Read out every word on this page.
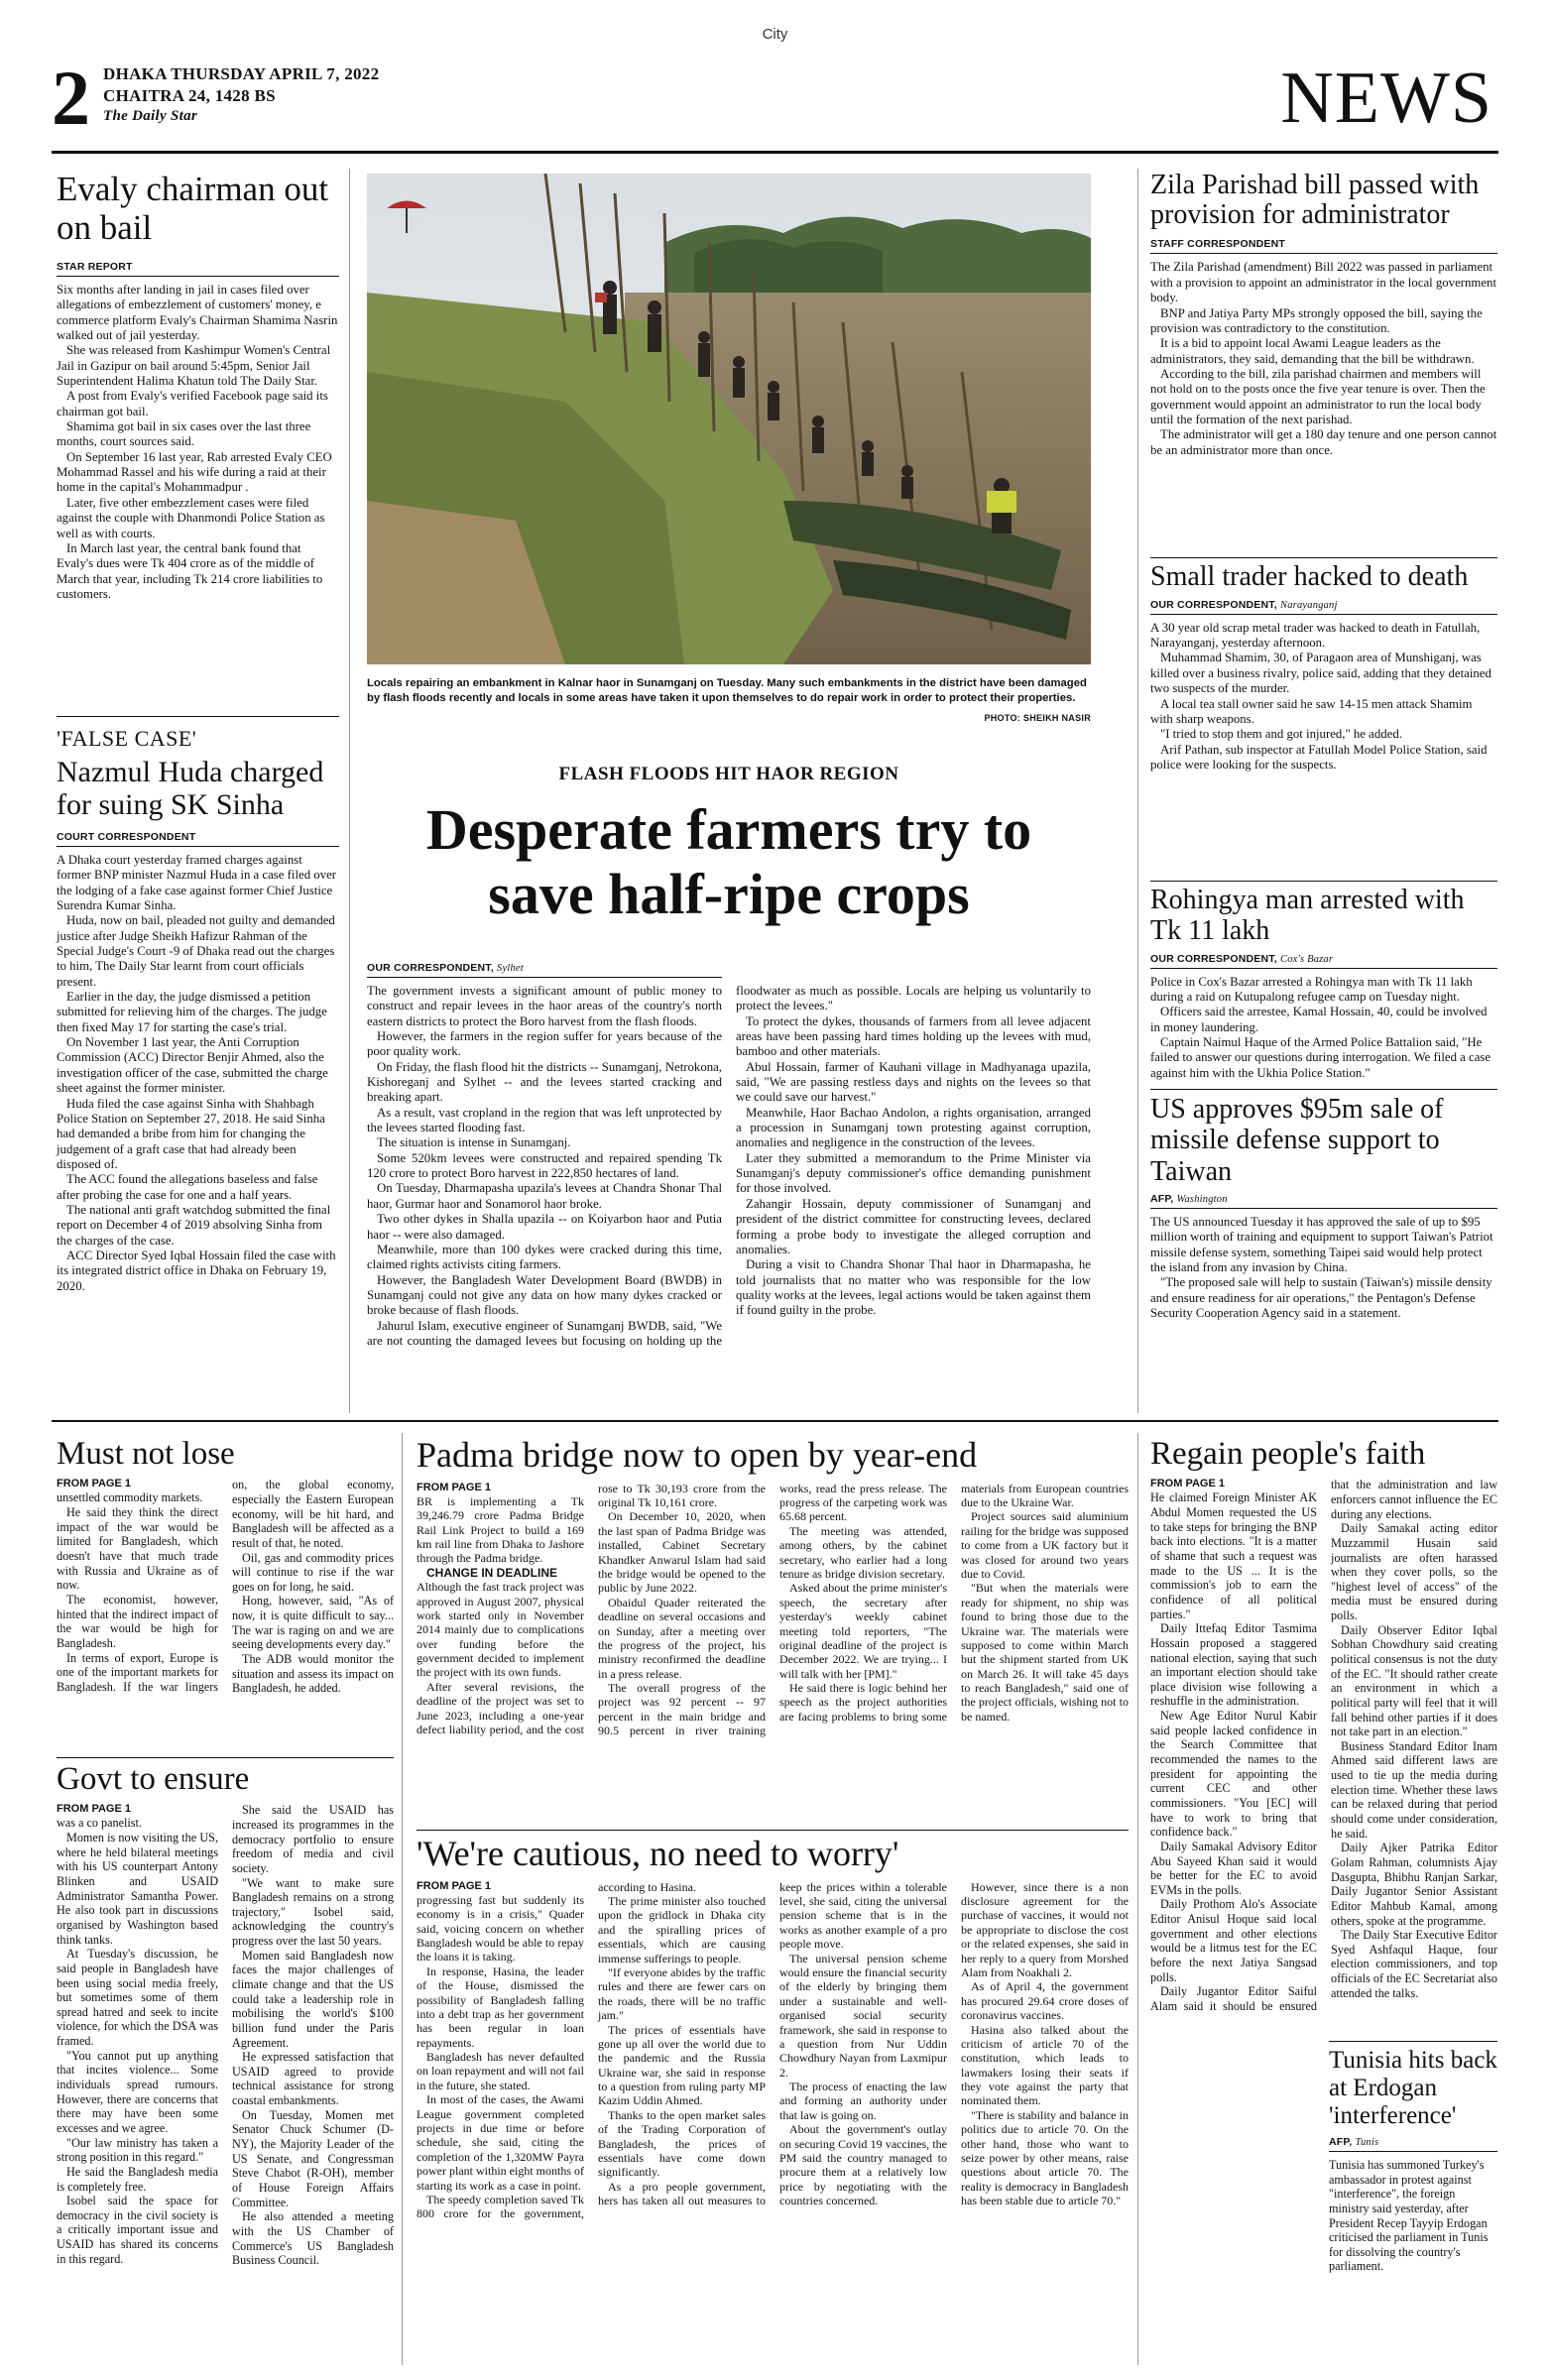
City
2 DHAKA THURSDAY APRIL 7, 2022
CHAITRA 24, 1428 BS
The Daily Star	NEWS
Evaly chairman out on bail
STAR REPORT

Six months after landing in jail in cases filed over allegations of embezzlement of customers' money, e commerce platform Evaly's Chairman Shamima Nasrin walked out of jail yesterday.

She was released from Kashimpur Women's Central Jail in Gazipur on bail around 5:45pm, Senior Jail Superintendent Halima Khatun told The Daily Star.

A post from Evaly's verified Facebook page said its chairman got bail.

Shamima got bail in six cases over the last three months, court sources said.

On September 16 last year, Rab arrested Evaly CEO Mohammad Rassel and his wife during a raid at their home in the capital's Mohammadpur .

Later, five other embezzlement cases were filed against the couple with Dhanmondi Police Station as well as with courts.

In March last year, the central bank found that Evaly's dues were Tk 404 crore as of the middle of March that year, including Tk 214 crore liabilities to customers.

'FALSE CASE'
Nazmul Huda charged for suing SK Sinha
COURT CORRESPONDENT

A Dhaka court yesterday framed charges against former BNP minister Nazmul Huda in a case filed over the lodging of a fake case against former Chief Justice Surendra Kumar Sinha.

Huda, now on bail, pleaded not guilty and demanded justice after Judge Sheikh Hafizur Rahman of the Special Judge's Court -9 of Dhaka read out the charges to him, The Daily Star learnt from court officials present.

Earlier in the day, the judge dismissed a petition submitted for relieving him of the charges. The judge then fixed May 17 for starting the case's trial.

On November 1 last year, the Anti Corruption Commission (ACC) Director Benjir Ahmed, also the investigation officer of the case, submitted the charge sheet against the former minister.

Huda filed the case against Sinha with Shahbagh Police Station on September 27, 2018. He said Sinha had demanded a bribe from him for changing the judgement of a graft case that had already been disposed of.

The ACC found the allegations baseless and false after probing the case for one and a half years.

The national anti graft watchdog submitted the final report on December 4 of 2019 absolving Sinha from the charges of the case.

ACC Director Syed Iqbal Hossain filed the case with its integrated district office in Dhaka on February 19, 2020.

Locals repairing an embankment in Kalnar haor in Sunamganj on Tuesday. Many such embankments in the district have been damaged by flash floods recently and locals in some areas have taken it upon themselves to do repair work in order to protect their properties.
PHOTO: SHEIKH NASIR
FLASH FLOODS HIT HAOR REGION
Desperate farmers try to save half-ripe crops
OUR CORRESPONDENT, Sylhet

The government invests a significant amount of public money to construct and repair levees in the haor areas of the country's north eastern districts to protect the Boro harvest from the flash floods.

However, the farmers in the region suffer for years because of the poor quality work.

On Friday, the flash flood hit the districts -- Sunamganj, Netrokona, Kishoreganj and Sylhet -- and the levees started cracking and breaking apart.

As a result, vast cropland in the region that was left unprotected by the levees started flooding fast.

The situation is intense in Sunamganj.

Some 520km levees were constructed and repaired spending Tk 120 crore to protect Boro harvest in 222,850 hectares of land.

On Tuesday, Dharmapasha upazila's levees at Chandra Shonar Thal haor, Gurmar haor and Sonamorol haor broke.

Two other dykes in Shalla upazila -- on Koiyarbon haor and Putia haor -- were also damaged.

Meanwhile, more than 100 dykes were cracked during this time, claimed rights activists citing farmers.

However, the Bangladesh Water Development Board (BWDB) in Sunamganj could not give any data on how many dykes cracked or broke because of flash floods.

Jahurul Islam, executive engineer of Sunamganj BWDB, said, "We are not counting the damaged levees but focusing on holding up the floodwater as much as possible. Locals are helping us voluntarily to protect the levees."

To protect the dykes, thousands of farmers from all levee adjacent areas have been passing hard times holding up the levees with mud, bamboo and other materials.

Abul Hossain, farmer of Kauhani village in Madhyanaga upazila, said, "We are passing restless days and nights on the levees so that we could save our harvest."

Meanwhile, Haor Bachao Andolon, a rights organisation, arranged a procession in Sunamganj town protesting against corruption, anomalies and negligence in the construction of the levees.

Later they submitted a memorandum to the Prime Minister via Sunamganj's deputy commissioner's office demanding punishment for those involved.

Zahangir Hossain, deputy commissioner of Sunamganj and president of the district committee for constructing levees, declared forming a probe body to investigate the alleged corruption and anomalies.

During a visit to Chandra Shonar Thal haor in Dharmapasha, he told journalists that no matter who was responsible for the low quality works at the levees, legal actions would be taken against them if found guilty in the probe.

Zila Parishad bill passed with provision for administrator
STAFF CORRESPONDENT

The Zila Parishad (amendment) Bill 2022 was passed in parliament with a provision to appoint an administrator in the local government body.

BNP and Jatiya Party MPs strongly opposed the bill, saying the provision was contradictory to the constitution.

It is a bid to appoint local Awami League leaders as the administrators, they said, demanding that the bill be withdrawn.

According to the bill, zila parishad chairmen and members will not hold on to the posts once the five year tenure is over. Then the government would appoint an administrator to run the local body until the formation of the next parishad.

The administrator will get a 180 day tenure and one person cannot be an administrator more than once.

Small trader hacked to death
OUR CORRESPONDENT, Narayanganj

A 30 year old scrap metal trader was hacked to death in Fatullah, Narayanganj, yesterday afternoon.

Muhammad Shamim, 30, of Paragaon area of Munshiganj, was killed over a business rivalry, police said, adding that they detained two suspects of the murder.

A local tea stall owner said he saw 14-15 men attack Shamim with sharp weapons.

"I tried to stop them and got injured," he added.

Arif Pathan, sub inspector at Fatullah Model Police Station, said police were looking for the suspects.

Rohingya man arrested with Tk 11 lakh
OUR CORRESPONDENT, Cox's Bazar

Police in Cox's Bazar arrested a Rohingya man with Tk 11 lakh during a raid on Kutupalong refugee camp on Tuesday night.

Officers said the arrestee, Kamal Hossain, 40, could be involved in money laundering.

Captain Naimul Haque of the Armed Police Battalion said, "He failed to answer our questions during interrogation. We filed a case against him with the Ukhia Police Station."

US approves $95m sale of missile defense support to Taiwan
AFP, Washington

The US announced Tuesday it has approved the sale of up to $95 million worth of training and equipment to support Taiwan's Patriot missile defense system, something Taipei said would help protect the island from any invasion by China.

"The proposed sale will help to sustain (Taiwan's) missile density and ensure readiness for air operations," the Pentagon's Defense Security Cooperation Agency said in a statement.

Must not lose
FROM PAGE 1

unsettled commodity markets.

He said they think the direct impact of the war would be limited for Bangladesh, which doesn't have that much trade with Russia and Ukraine as of now.

The economist, however, hinted that the indirect impact of the war would be high for Bangladesh.

In terms of export, Europe is one of the important markets for Bangladesh. If the war lingers on, the global economy, especially the Eastern European economy, will be hit hard, and Bangladesh will be affected as a result of that, he noted.

Oil, gas and commodity prices will continue to rise if the war goes on for long, he said.

Hong, however, said, "As of now, it is quite difficult to say... The war is raging on and we are seeing developments every day."

The ADB would monitor the situation and assess its impact on Bangladesh, he added.

Govt to ensure
FROM PAGE 1

was a co panelist.

Momen is now visiting the US, where he held bilateral meetings with his US counterpart Antony Blinken and USAID Administrator Samantha Power. He also took part in discussions organised by Washington based think tanks.

At Tuesday's discussion, he said people in Bangladesh have been using social media freely, but sometimes some of them spread hatred and seek to incite violence, for which the DSA was framed.

"You cannot put up anything that incites violence... Some individuals spread rumours. However, there are concerns that there may have been some excesses and we agree.

"Our law ministry has taken a strong position in this regard."

He said the Bangladesh media is completely free.

Isobel said the space for democracy in the civil society is a critically important issue and USAID has shared its concerns in this regard.

She said the USAID has increased its programmes in the democracy portfolio to ensure freedom of media and civil society.

"We want to make sure Bangladesh remains on a strong trajectory," Isobel said, acknowledging the country's progress over the last 50 years.

Momen said Bangladesh now faces the major challenges of climate change and that the US could take a leadership role in mobilising the world's $100 billion fund under the Paris Agreement.

He expressed satisfaction that USAID agreed to provide technical assistance for strong coastal embankments.

On Tuesday, Momen met Senator Chuck Schumer (D-NY), the Majority Leader of the US Senate, and Congressman Steve Chabot (R-OH), member of House Foreign Affairs Committee.

He also attended a meeting with the US Chamber of Commerce's US Bangladesh Business Council.

Padma bridge now to open by year-end
FROM PAGE 1

BR is implementing a Tk 39,246.79 crore Padma Bridge Rail Link Project to build a 169 km rail line from Dhaka to Jashore through the Padma bridge.

CHANGE IN DEADLINE

Although the fast track project was approved in August 2007, physical work started only in November 2014 mainly due to complications over funding before the government decided to implement the project with its own funds.

After several revisions, the deadline of the project was set to June 2023, including a one-year defect liability period, and the cost rose to Tk 30,193 crore from the original Tk 10,161 crore.

On December 10, 2020, when the last span of Padma Bridge was installed, Cabinet Secretary Khandker Anwarul Islam had said the bridge would be opened to the public by June 2022.

Obaidul Quader reiterated the deadline on several occasions and on Sunday, after a meeting over the progress of the project, his ministry reconfirmed the deadline in a press release.

The overall progress of the project was 92 percent -- 97 percent in the main bridge and 90.5 percent in river training works, read the press release. The progress of the carpeting work was 65.68 percent.

The meeting was attended, among others, by the cabinet secretary, who earlier had a long tenure as bridge division secretary.

Asked about the prime minister's speech, the secretary after yesterday's weekly cabinet meeting told reporters, "The original deadline of the project is December 2022. We are trying... I will talk with her [PM]."

He said there is logic behind her speech as the project authorities are facing problems to bring some materials from European countries due to the Ukraine War.

Project sources said aluminium railing for the bridge was supposed to come from a UK factory but it was closed for around two years due to Covid.

"But when the materials were ready for shipment, no ship was found to bring those due to the Ukraine war. The materials were supposed to come within March but the shipment started from UK on March 26. It will take 45 days to reach Bangladesh," said one of the project officials, wishing not to be named.

'We're cautious, no need to worry'
FROM PAGE 1

progressing fast but suddenly its economy is in a crisis," Quader said, voicing concern on whether Bangladesh would be able to repay the loans it is taking.

In response, Hasina, the leader of the House, dismissed the possibility of Bangladesh falling into a debt trap as her government has been regular in loan repayments.

Bangladesh has never defaulted on loan repayment and will not fail in the future, she stated.

In most of the cases, the Awami League government completed projects in due time or before schedule, she said, citing the completion of the 1,320MW Payra power plant within eight months of starting its work as a case in point.

The speedy completion saved Tk 800 crore for the government, according to Hasina.

The prime minister also touched upon the gridlock in Dhaka city and the spiralling prices of essentials, which are causing immense sufferings to people.

"If everyone abides by the traffic rules and there are fewer cars on the roads, there will be no traffic jam."

The prices of essentials have gone up all over the world due to the pandemic and the Russia Ukraine war, she said in response to a question from ruling party MP Kazim Uddin Ahmed.

Thanks to the open market sales of the Trading Corporation of Bangladesh, the prices of essentials have come down significantly.

As a pro people government, hers has taken all out measures to keep the prices within a tolerable level, she said, citing the universal pension scheme that is in the works as another example of a pro people move.

The universal pension scheme would ensure the financial security of the elderly by bringing them under a sustainable and well-organised social security framework, she said in response to a question from Nur Uddin Chowdhury Nayan from Laxmipur 2.

The process of enacting the law and forming an authority under that law is going on.

About the government's outlay on securing Covid 19 vaccines, the PM said the country managed to procure them at a relatively low price by negotiating with the countries concerned.

However, since there is a non disclosure agreement for the purchase of vaccines, it would not be appropriate to disclose the cost or the related expenses, she said in her reply to a query from Morshed Alam from Noakhali 2.

As of April 4, the government has procured 29.64 crore doses of coronavirus vaccines.

Hasina also talked about the criticism of article 70 of the constitution, which leads to lawmakers losing their seats if they vote against the party that nominated them.

"There is stability and balance in politics due to article 70. On the other hand, those who want to seize power by other means, raise questions about article 70. The reality is democracy in Bangladesh has been stable due to article 70."

Regain people's faith
FROM PAGE 1

He claimed Foreign Minister AK Abdul Momen requested the US to take steps for bringing the BNP back into elections. "It is a matter of shame that such a request was made to the US ... It is the commission's job to earn the confidence of all political parties."

Daily Ittefaq Editor Tasmima Hossain proposed a staggered national election, saying that such an important election should take place division wise following a reshuffle in the administration.

New Age Editor Nurul Kabir said people lacked confidence in the Search Committee that recommended the names to the president for appointing the current CEC and other commissioners. "You [EC] will have to work to bring that confidence back."

Daily Samakal Advisory Editor Abu Sayeed Khan said it would be better for the EC to avoid EVMs in the polls.

Daily Prothom Alo's Associate Editor Anisul Hoque said local government and other elections would be a litmus test for the EC before the next Jatiya Sangsad polls.

Daily Jugantor Editor Saiful Alam said it should be ensured that the administration and law enforcers cannot influence the EC during any elections.

Daily Samakal acting editor Muzzammil Husain said journalists are often harassed when they cover polls, so the "highest level of access" of the media must be ensured during polls.

Daily Observer Editor Iqbal Sobhan Chowdhury said creating political consensus is not the duty of the EC. "It should rather create an environment in which a political party will feel that it will fall behind other parties if it does not take part in an election."

Business Standard Editor Inam Ahmed said different laws are used to tie up the media during election time. Whether these laws can be relaxed during that period should come under consideration, he said.

Daily Ajker Patrika Editor Golam Rahman, columnists Ajay Dasgupta, Bhibhu Ranjan Sarkar, Daily Jugantor Senior Assistant Editor Mahbub Kamal, among others, spoke at the programme.

The Daily Star Executive Editor Syed Ashfaqul Haque, four election commissioners, and top officials of the EC Secretariat also attended the talks.

Tunisia hits back at Erdogan 'interference'
AFP, Tunis

Tunisia has summoned Turkey's ambassador in protest against "interference", the foreign ministry said yesterday, after President Recep Tayyip Erdogan criticised the parliament in Tunis for dissolving the country's parliament.
